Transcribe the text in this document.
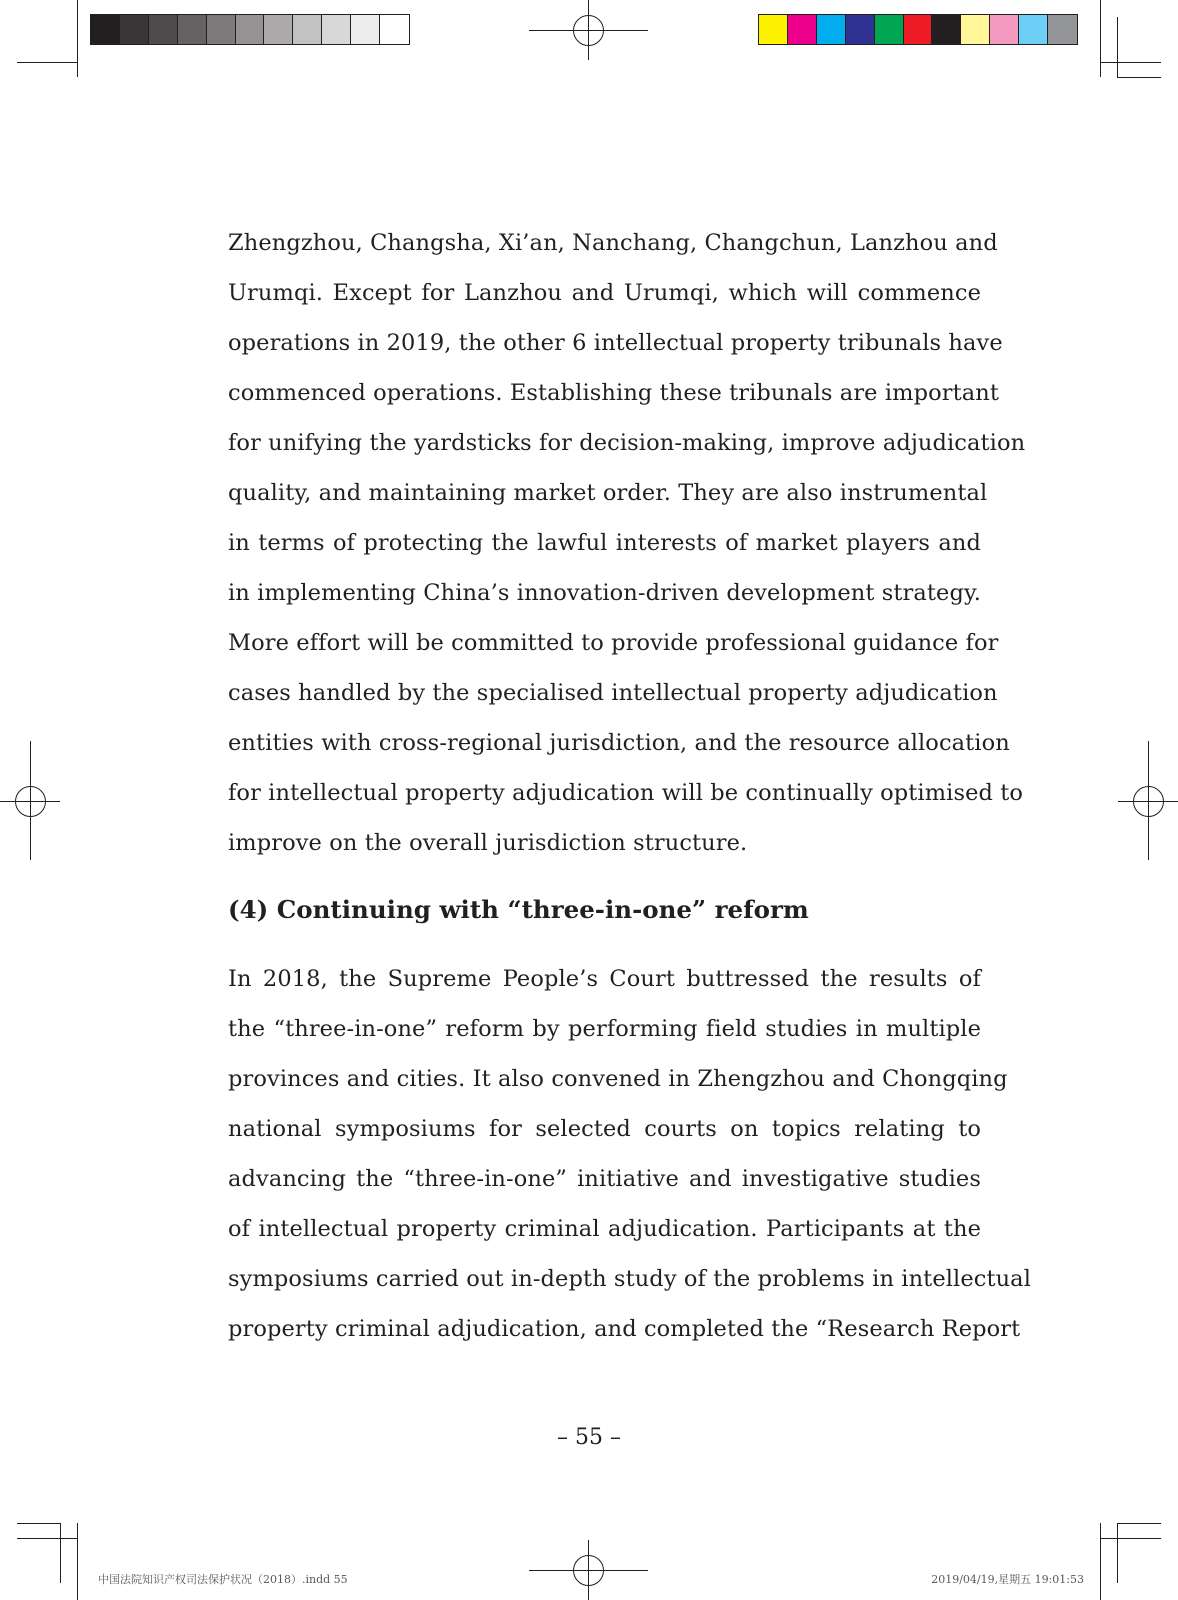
Zhengzhou, Changsha, Xi’an, Nanchang, Changchun, Lanzhou and
Urumqi. Except for Lanzhou and Urumqi, which will commence
operations in 2019, the other 6 intellectual property tribunals have
commenced operations. Establishing these tribunals are important
for unifying the yardsticks for decision-making, improve adjudication
quality, and maintaining market order. They are also instrumental
in terms of protecting the lawful interests of market players and
in implementing China’s innovation-driven development strategy.
More effort will be committed to provide professional guidance for
cases handled by the specialised intellectual property adjudication
entities with cross-regional jurisdiction, and the resource allocation
for intellectual property adjudication will be continually optimised to
improve on the overall jurisdiction structure.
(4) Continuing with “three-in-one” reform
In 2018, the Supreme People’s Court buttressed the results of
the “three-in-one” reform by performing field studies in multiple
provinces and cities. It also convened in Zhengzhou and Chongqing
national symposiums for selected courts on topics relating to
advancing the “three-in-one” initiative and investigative studies
of intellectual property criminal adjudication. Participants at the
symposiums carried out in-depth study of the problems in intellectual
property criminal adjudication, and completed the “Research Report
– 55 –
中国法院知识产权司法保护状况（2018）.indd 55	2019/04/19,星期五 19:01:53
